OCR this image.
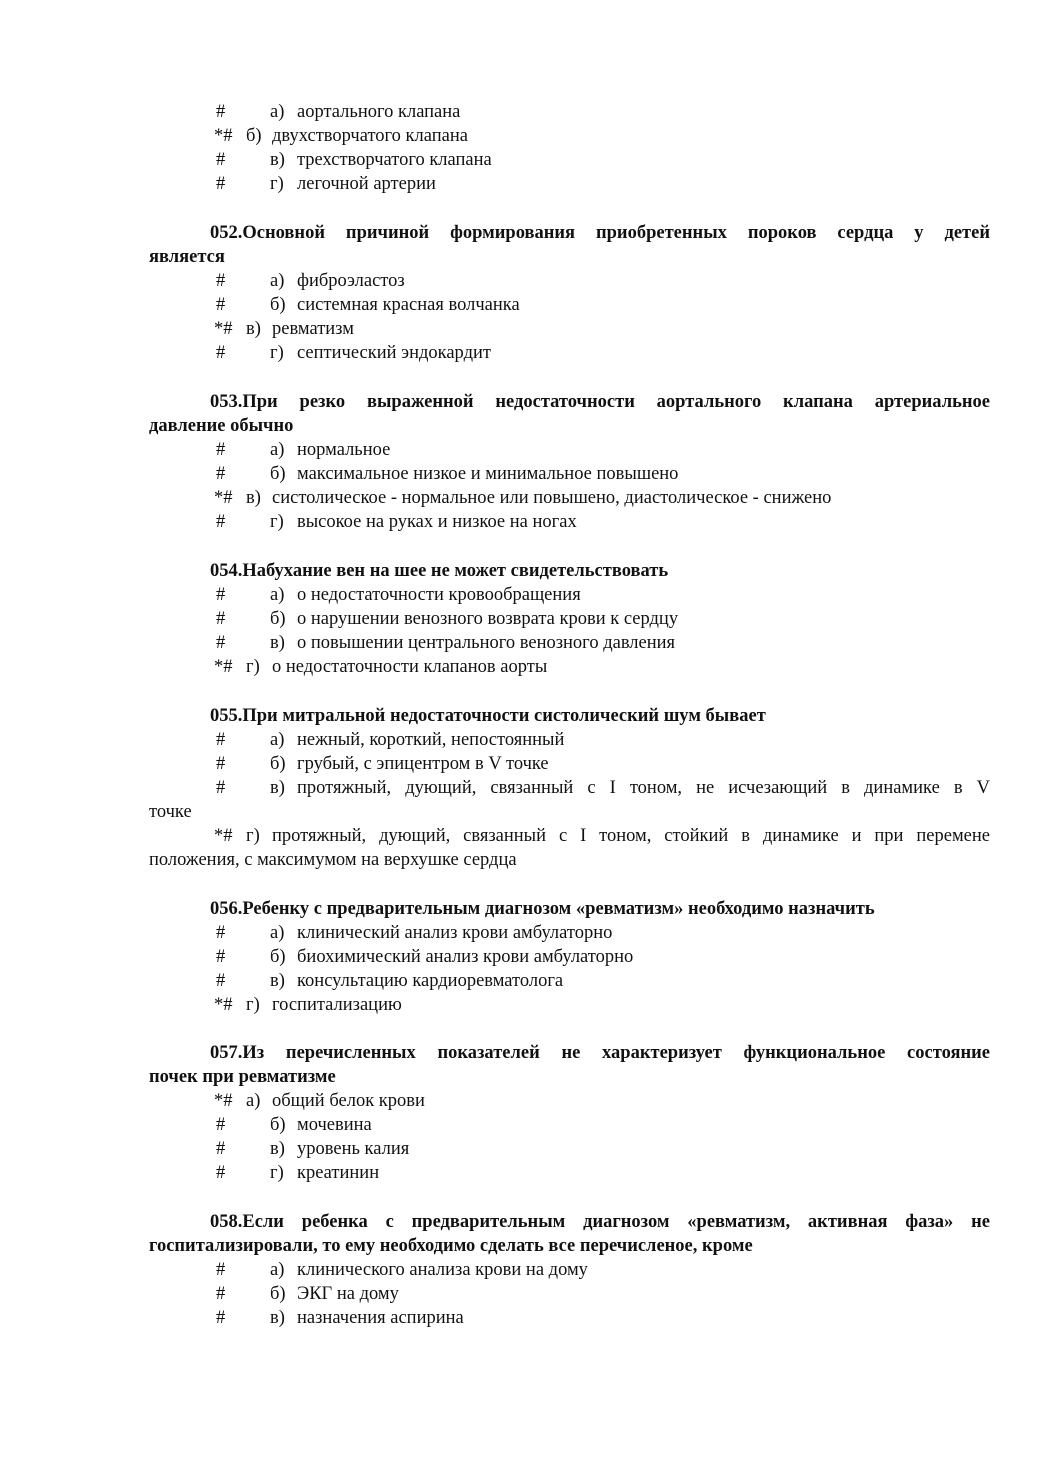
# а) аортального клапана
*# б) двухстворчатого клапана
# в) трехстворчатого клапана
# г) легочной артерии
052.Основной причиной формирования приобретенных пороков сердца у детей
является
# а) фиброэластоз
# б) системная красная волчанка
*# в) ревматизм
# г) септический эндокардит
053.При резко выраженной недостаточности аортального клапана артериальное
давление обычно
# а) нормальное
# б) максимальное низкое и минимальное повышено
*# в) систолическое - нормальное или повышено, диастолическое - снижено
# г) высокое на руках и низкое на ногах
054.Набухание вен на шее не может свидетельствовать
# а) о недостаточности кровообращения
# б) о нарушении венозного возврата крови к сердцу
# в) о повышении центрального венозного давления
*# г) о недостаточности клапанов аорты
055.При митральной недостаточности систолический шум бывает
# а) нежный, короткий, непостоянный
# б) грубый, с эпицентром в V точке
# в) протяжный, дующий, связанный с I тоном, не исчезающий в динамике в V
точке
*# г) протяжный, дующий, связанный с I тоном, стойкий в динамике и при перемене
положения, с максимумом на верхушке сердца
056.Ребенку с предварительным диагнозом «ревматизм» необходимо назначить
# а) клинический анализ крови амбулаторно
# б) биохимический анализ крови амбулаторно
# в) консультацию кардиоревматолога
*# г) госпитализацию
057.Из перечисленных показателей не характеризует функциональное состояние
почек при ревматизме
*# а) общий белок крови
# б) мочевина
# в) уровень калия
# г) креатинин
058.Если ребенка с предварительным диагнозом «ревматизм, активная фаза» не
госпитализировали, то ему необходимо сделать все перечисленое, кроме
# а) клинического анализа крови на дому
# б) ЭКГ на дому
# в) назначения аспирина
